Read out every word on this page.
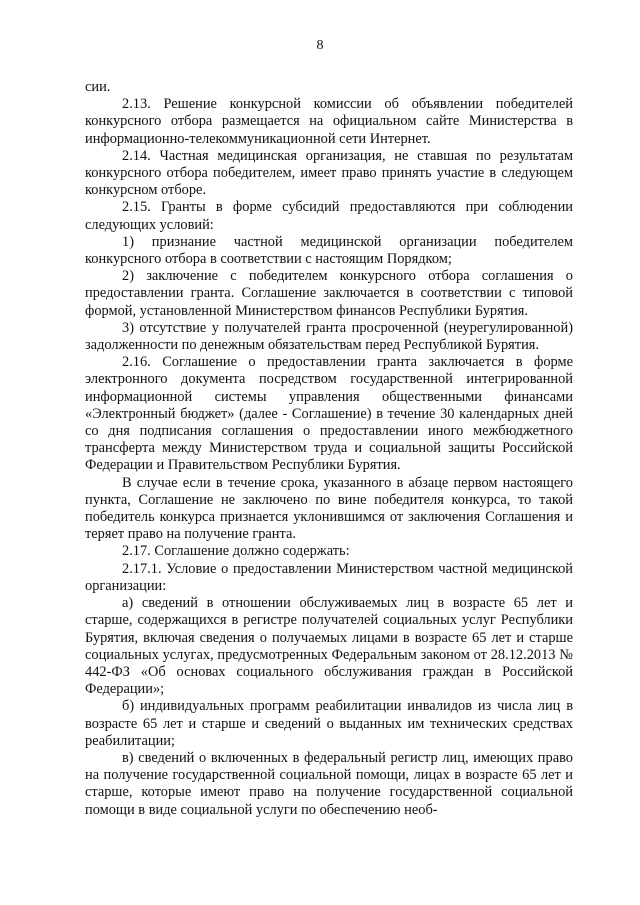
8

сии.

2.13. Решение конкурсной комиссии об объявлении победителей конкурсного отбора размещается на официальном сайте Министерства в информационно-телекоммуникационной сети Интернет.

2.14. Частная медицинская организация, не ставшая по результатам конкурсного отбора победителем, имеет право принять участие в следующем конкурсном отборе.

2.15. Гранты в форме субсидий предоставляются при соблюдении следующих условий:

1) признание частной медицинской организации победителем конкурсного отбора в соответствии с настоящим Порядком;

2) заключение с победителем конкурсного отбора соглашения о предоставлении гранта. Соглашение заключается в соответствии с типовой формой, установленной Министерством финансов Республики Бурятия.

3) отсутствие у получателей гранта просроченной (неурегулированной) задолженности по денежным обязательствам перед Республикой Бурятия.

2.16. Соглашение о предоставлении гранта заключается в форме электронного документа посредством государственной интегрированной информационной системы управления общественными финансами «Электронный бюджет» (далее - Соглашение) в течение 30 календарных дней со дня подписания соглашения о предоставлении иного межбюджетного трансферта между Министерством труда и социальной защиты Российской Федерации и Правительством Республики Бурятия.

В случае если в течение срока, указанного в абзаце первом настоящего пункта, Соглашение не заключено по вине победителя конкурса, то такой победитель конкурса признается уклонившимся от заключения Соглашения и теряет право на получение гранта.

2.17. Соглашение должно содержать:

2.17.1. Условие о предоставлении Министерством частной медицинской организации:

а) сведений в отношении обслуживаемых лиц в возрасте 65 лет и старше, содержащихся в регистре получателей социальных услуг Республики Бурятия, включая сведения о получаемых лицами в возрасте 65 лет и старше социальных услугах, предусмотренных Федеральным законом от 28.12.2013 № 442-ФЗ «Об основах социального обслуживания граждан в Российской Федерации»;

б) индивидуальных программ реабилитации инвалидов из числа лиц в возрасте 65 лет и старше и сведений о выданных им технических средствах реабилитации;

в) сведений о включенных в федеральный регистр лиц, имеющих право на получение государственной социальной помощи, лицах в возрасте 65 лет и старше, которые имеют право на получение государственной социальной помощи в виде социальной услуги по обеспечению необ-
